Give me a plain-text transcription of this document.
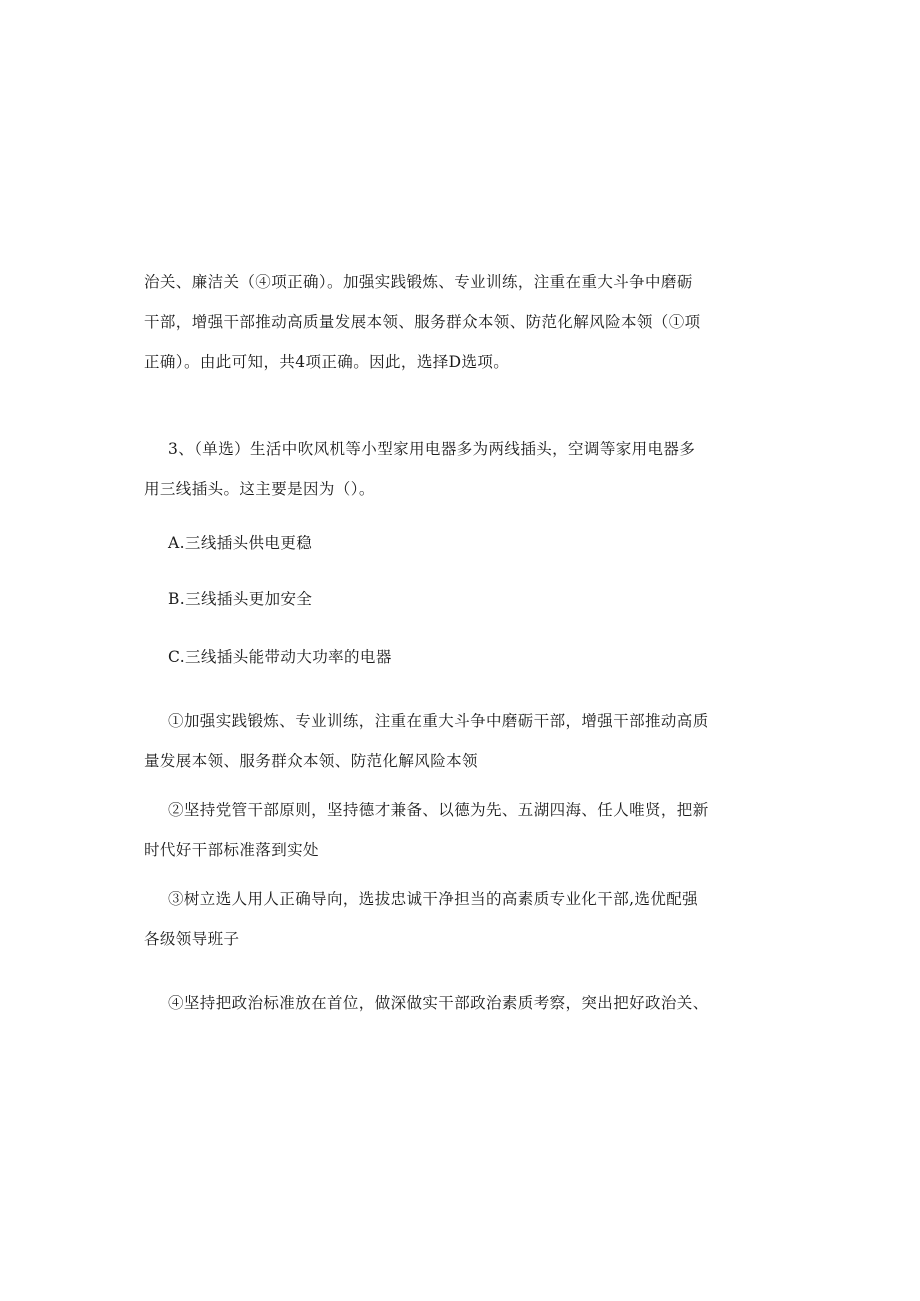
治关、廉洁关（④项正确）。加强实践锻炼、专业训练，注重在重大斗争中磨砺
干部，增强干部推动高质量发展本领、服务群众本领、防范化解风险本领（①项
正确）。由此可知，共4项正确。因此，选择D选项。
3、（单选）生活中吹风机等小型家用电器多为两线插头，空调等家用电器多
用三线插头。这主要是因为（）。
A.三线插头供电更稳
B.三线插头更加安全
C.三线插头能带动大功率的电器
①加强实践锻炼、专业训练，注重在重大斗争中磨砺干部，增强干部推动高质
量发展本领、服务群众本领、防范化解风险本领
②坚持党管干部原则，坚持德才兼备、以德为先、五湖四海、任人唯贤，把新
时代好干部标准落到实处
③树立选人用人正确导向，选拔忠诚干净担当的高素质专业化干部,选优配强
各级领导班子
④坚持把政治标准放在首位，做深做实干部政治素质考察，突出把好政治关、
